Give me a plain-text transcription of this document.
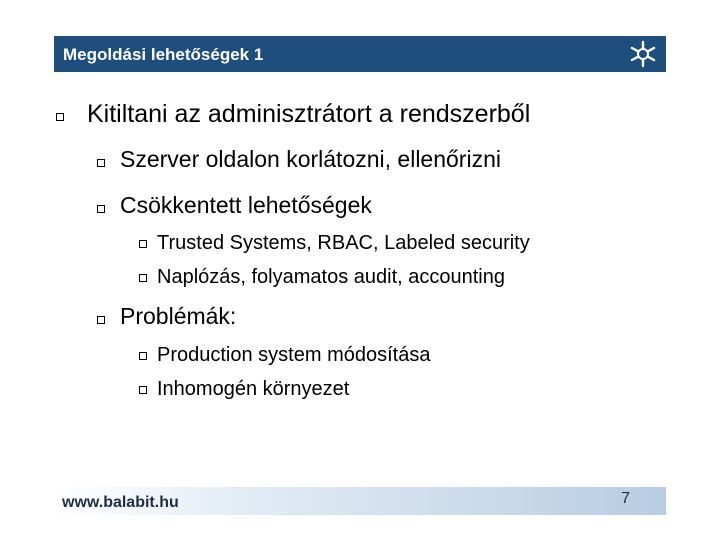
Megoldási lehetőségek 1
Kitiltani az adminisztrátort a rendszerből
Szerver oldalon korlátozni, ellenőrizni
Csökkentett lehetőségek
Trusted Systems, RBAC, Labeled security
Naplózás, folyamatos audit, accounting
Problémák:
Production system módosítása
Inhomogén környezet
www.balabit.hu	7
